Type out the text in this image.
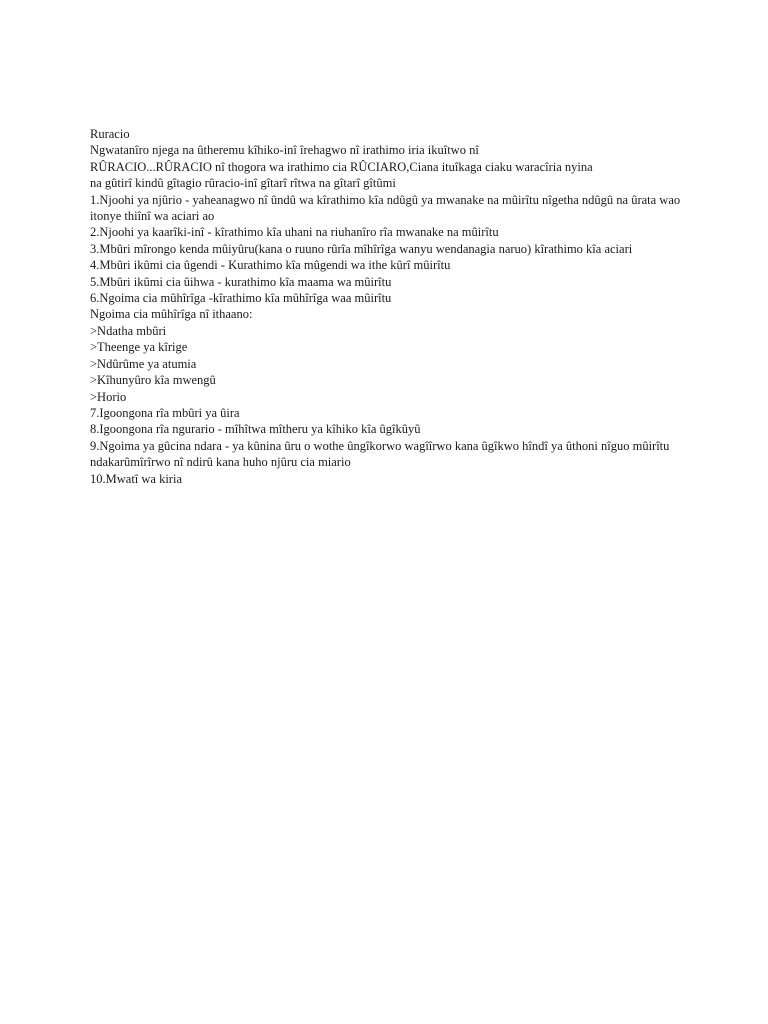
Ruracio
Ngwatanîro njega na ûtheremu kîhiko-inî îrehagwo nî irathimo iria ikuîtwo nî
RÛRACIO...RÛRACIO nî thogora wa irathimo cia RÛCIARO,Ciana ituîkaga ciaku waracîria nyina
na gûtirî kindû gîtagio rûracio-inî gîtarî rîtwa na gîtarî gîtûmi
1.Njoohi ya njûrio - yaheanagwo nî ûndû wa kîrathimo kîa ndûgû ya mwanake na mûirîtu nîgetha ndûgû na ûrata wao itonye thiînî wa aciari ao
2.Njoohi ya kaarîki-inî - kîrathimo kîa uhani na riuhanîro rîa mwanake na mûirîtu
3.Mbûri mîrongo kenda mûiyûru(kana o ruuno rûrîa mîhîrîga wanyu wendanagia naruo) kîrathimo kîa aciari
4.Mbûri ikûmi cia ûgendi - Kurathimo kîa mûgendi wa ithe kûrî mûirîtu
5.Mbûri ikûmi cia ûihwa - kurathimo kîa maama wa mûirîtu
6.Ngoima cia mûhîrîga -kîrathimo kîa mûhîrîga waa mûirîtu
Ngoima cia mûhîrîga nî ithaano:
>Ndatha mbûri
>Theenge ya kîrige
>Ndûrûme ya atumia
>Kîhunyûro kîa mwengû
>Horio
7.Igoongona rîa mbûri ya ûira
8.Igoongona rîa ngurario - mîhîtwa mîtheru ya kîhiko kîa ûgîkûyû
9.Ngoima ya gûcina ndara - ya kûnina ûru o wothe ûngîkorwo wagîîrwo kana ûgîkwo hîndî ya ûthoni nîguo mûirîtu ndakarûmîrîrwo nî ndirû kana huho njûru cia miario
10.Mwatî wa kiria
